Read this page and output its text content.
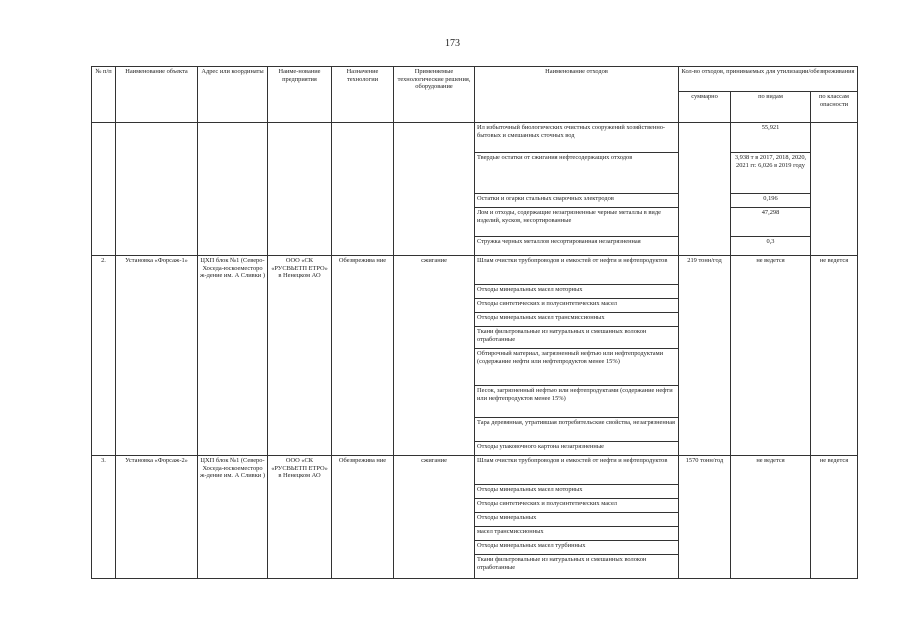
173
№ п/п	Наименование объекта	Адрес или координаты	Наиме-нование предприятия	Назначение технологии	Применяемые технологические решения, оборудование	Наименование отходов	Кол-во отходов, принимаемых для утилизации/обезвреживания		
							суммарно	по видам	по классам опасности
						Ил избыточный биологических очистных сооружений хозяйственно-бытовых и смешанных сточных вод		55,921	
						Твердые остатки от сжигания нефтесодержащих отходов		3,938 т в 2017, 2018, 2020, 2021 гг. 6,026 в 2019 году	
						Остатки и огарки стальных сварочных электродов		0,196	
						Лом и отходы, содержащие незагрязненные черные металлы в виде изделий, кусков, несортированные		47,298	
						Стружка черных металлов несортированная незагрязненная		0,3	
2.	Установка «Форсаж-1»	ЦХП блок №1 (Северо-Хоседа-юскоеместоро ж-дение им. А Сливки )	ООО «СК «РУСВЬЕТП ЕТРО» в Ненецком АО	Обезврежива ние	сжигание	Шлам очистки трубопроводов и емкостей от нефти и нефтепродуктов	219 тонн/год	не ведется	не ведется
						Отходы минеральных масел моторных			
						Отходы синтетических и полусинтетических масел			
						Отходы минеральных масел трансмиссионных			
						Ткани фильтровальные из натуральных и смешанных волокон отработанные			
						Обтирочный материал, загрязненный нефтью или нефтепродуктами (содержание нефти или нефтепродуктов менее 15%)			
						Песок, загрязненный нефтью или нефтепродуктами (содержание нефти или нефтепродуктов менее 15%)			
						Тара деревянная, утратившая потребительские свойства, незагрязненная			
						Отходы упаковочного картона незагрязненные			
3.	Установка «Форсаж-2»	ЦХП блок №1 (Северо-Хоседа-юскоеместоро ж-дение им. А Сливки )	ООО «СК «РУСВЬЕТП ЕТРО» в Ненецком АО	Обезврежива ние	сжигание	Шлам очистки трубопроводов и емкостей от нефти и нефтепродуктов	1570 тонн/год	не ведется	не ведется
						Отходы минеральных масел моторных			
						Отходы синтетических и полусинтетических масел			
						Отходы минеральных			
						масел трансмиссионных			
						Отходы минеральных масел турбинных			
						Ткани фильтровальные из натуральных и смешанных волокон отработанные			
